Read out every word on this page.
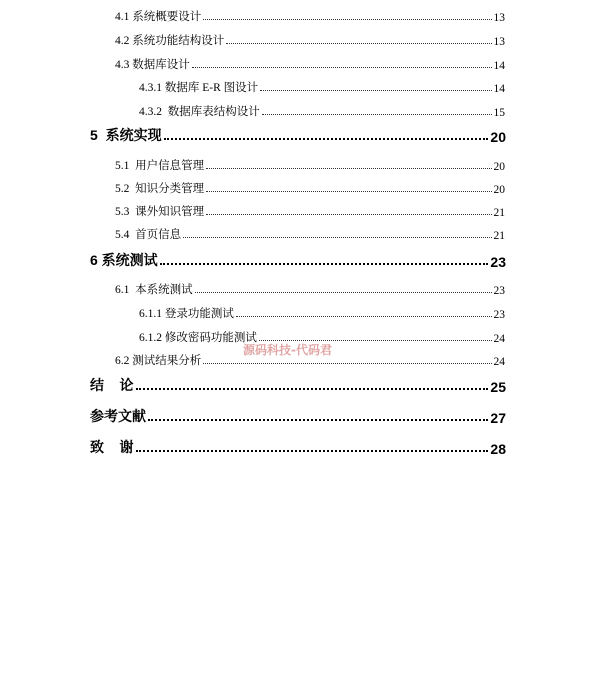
4.1 系统概要设计	13
4.2 系统功能结构设计	13
4.3 数据库设计	14
4.3.1 数据库 E-R 图设计	14
4.3.2  数据库表结构设计	15
5  系统实现	20
5.1  用户信息管理	20
5.2  知识分类管理	20
5.3  课外知识管理	21
5.4  首页信息	21
6 系统测试	23
6.1  本系统测试	23
6.1.1 登录功能测试	23
6.1.2 修改密码功能测试	24
6.2 测试结果分析	24
结    论	25
参考文献	27
致    谢	28
源码科技-代码君
